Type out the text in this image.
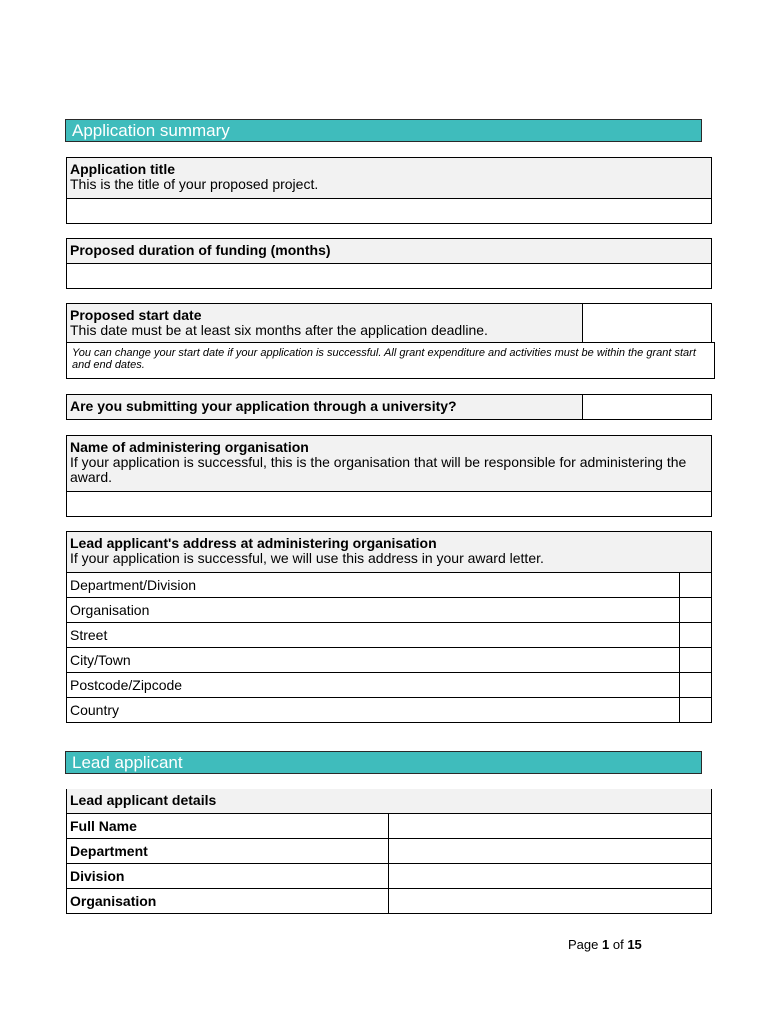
Application summary
Application title
This is the title of your proposed project.
Proposed duration of funding (months)
Proposed start date
This date must be at least six months after the application deadline.
You can change your start date if your application is successful. All grant expenditure and activities must be within the grant start and end dates.
Are you submitting your application through a university?
Name of administering organisation
If your application is successful, this is the organisation that will be responsible for administering the award.
Lead applicant's address at administering organisation
If your application is successful, we will use this address in your award letter.
Department/Division
Organisation
Street
City/Town
Postcode/Zipcode
Country
Lead applicant
Lead applicant details
Full Name
Department
Division
Organisation
Page 1 of 15
